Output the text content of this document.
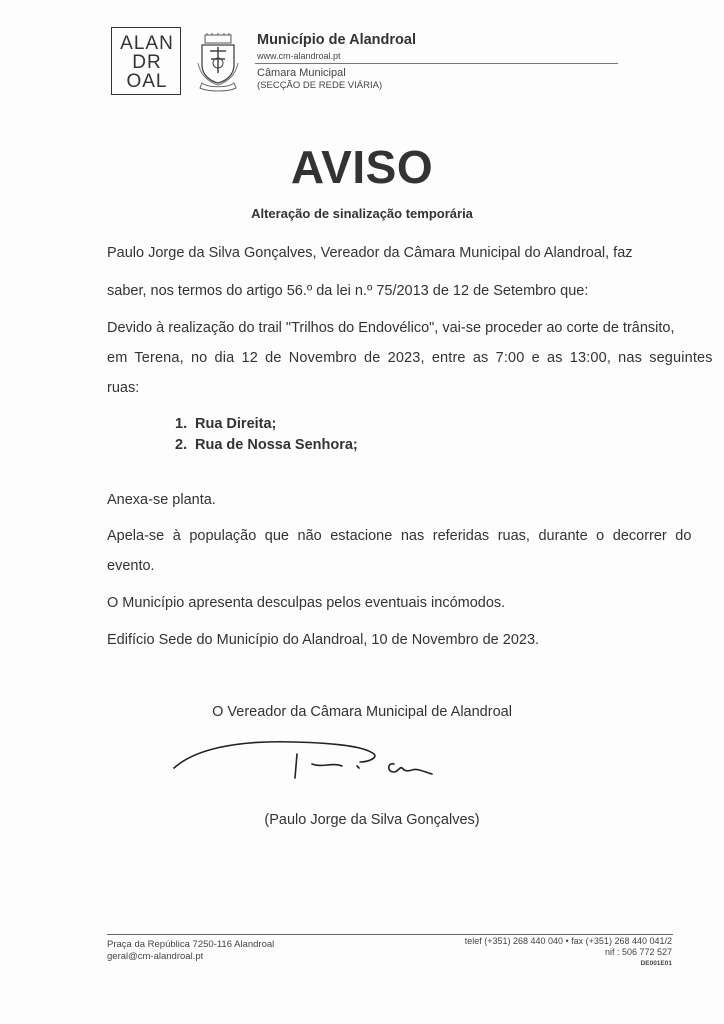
ALAN
DR
OAL
Município de Alandroal
www.cm-alandroal.pt
Câmara Municipal
(SECÇÃO DE REDE VIÁRIA)
AVISO
Alteração de sinalização temporária
Paulo Jorge da Silva Gonçalves, Vereador da Câmara Municipal do Alandroal, faz
saber, nos termos do artigo 56.º da lei n.º 75/2013 de 12 de Setembro que:
Devido à realização do trail "Trilhos do Endovélico", vai-se proceder ao corte de trânsito,
em Terena, no dia 12 de Novembro de 2023, entre as 7:00 e as 13:00, nas seguintes
ruas:
1. Rua Direita;
2. Rua de Nossa Senhora;
Anexa-se planta.
Apela-se à população que não estacione nas referidas ruas, durante o decorrer do
evento.
O Município apresenta desculpas pelos eventuais incómodos.
Edifício Sede do Município do Alandroal, 10 de Novembro de 2023.
O Vereador da Câmara Municipal de Alandroal
(Paulo Jorge da Silva Gonçalves)
Praça da República 7250-116 Alandroal
geral@cm-alandroal.pt
telef (+351) 268 440 040 • fax (+351) 268 440 041/2
nif : 506 772 527
DE001E01
